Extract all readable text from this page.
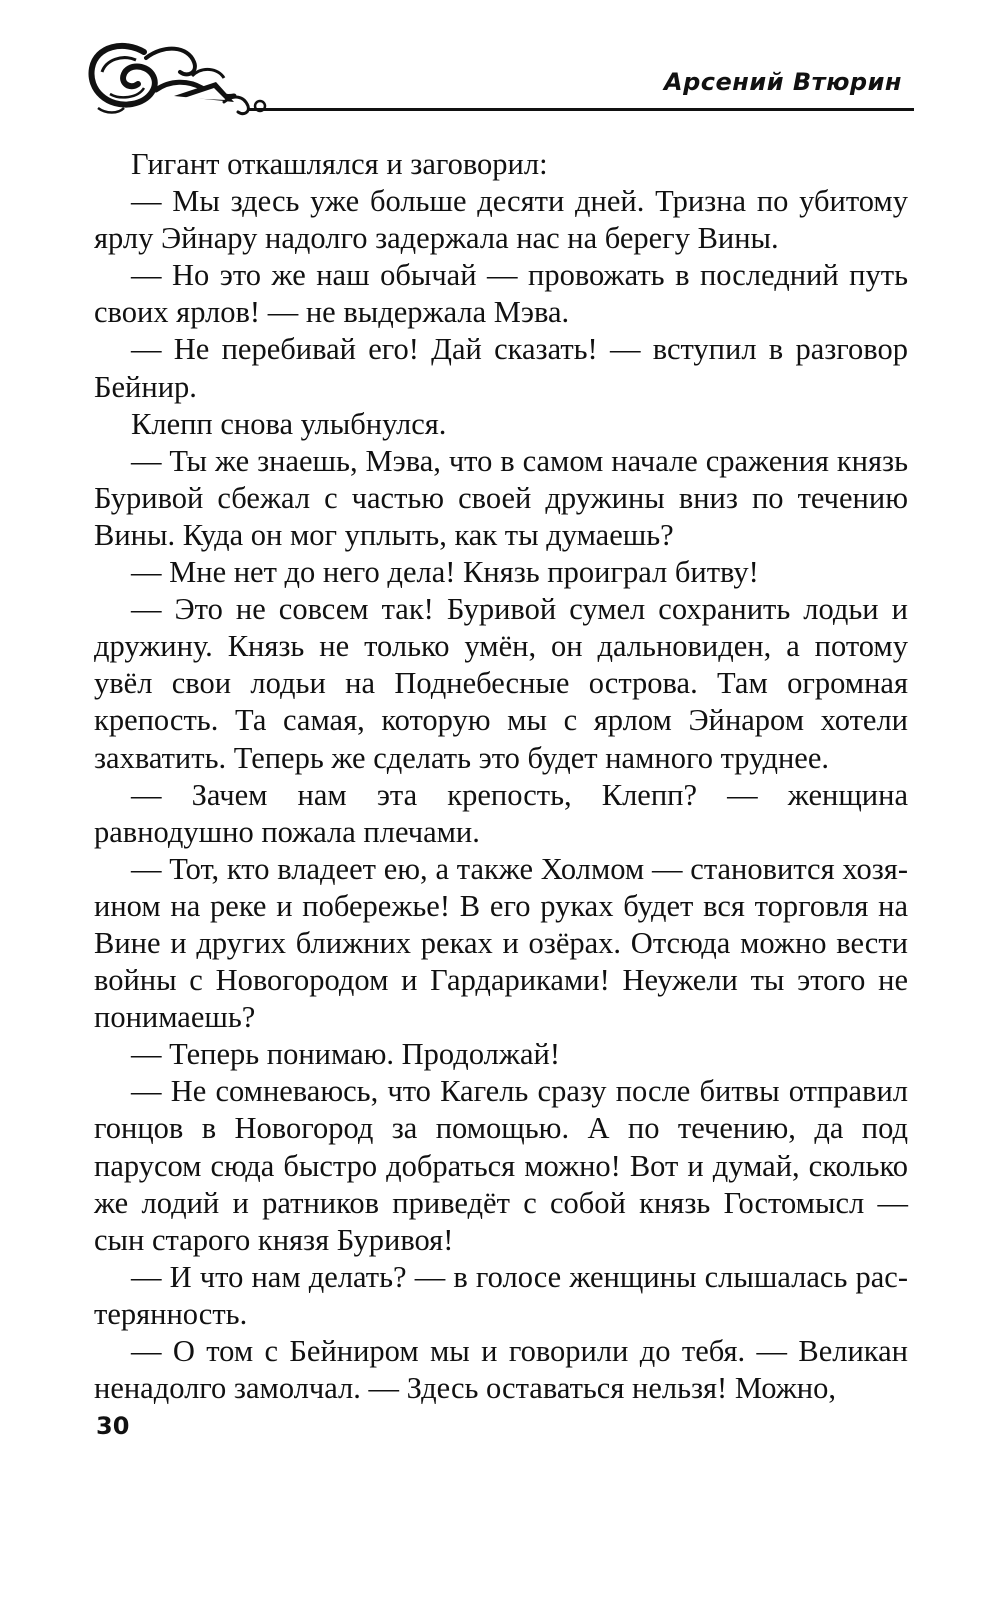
Арсений Втюрин

Гигант откашлялся и заговорил:

— Мы здесь уже больше десяти дней. Тризна по убитому ярлу Эйнару надолго задержала нас на берегу Вины.

— Но это же наш обычай — провожать в последний путь своих ярлов! — не выдержала Мэва.

— Не перебивай его! Дай сказать! — вступил в разговор Бейнир.

Клепп снова улыбнулся.

— Ты же знаешь, Мэва, что в самом начале сражения князь Буривой сбежал с частью своей дружины вниз по течению Вины. Куда он мог уплыть, как ты думаешь?

— Мне нет до него дела! Князь проиграл битву!

— Это не совсем так! Буривой сумел сохранить лодьи и дружину. Князь не только умён, он дальновиден, а потому увёл свои лодьи на Поднебесные острова. Там огромная крепость. Та самая, которую мы с ярлом Эйнаром хотели захватить. Теперь же сделать это будет намного труднее.

— Зачем нам эта крепость, Клепп? — женщина равнодушно пожала плечами.

— Тот, кто владеет ею, а также Холмом — становится хозяином на реке и побережье! В его руках будет вся торговля на Вине и других ближних реках и озёрах. Отсюда можно вести войны с Новогородом и Гардариками! Неужели ты этого не понимаешь?

— Теперь понимаю. Продолжай!

— Не сомневаюсь, что Кагель сразу после битвы отправил гонцов в Новогород за помощью. А по течению, да под парусом сюда быстро добраться можно! Вот и думай, сколько же лодий и ратников приведёт с собой князь Гостомысл — сын старого князя Буривоя!

— И что нам делать? — в голосе женщины слышалась растерянность.

— О том с Бейниром мы и говорили до тебя. — Великан ненадолго замолчал. — Здесь оставаться нельзя! Можно,

30
